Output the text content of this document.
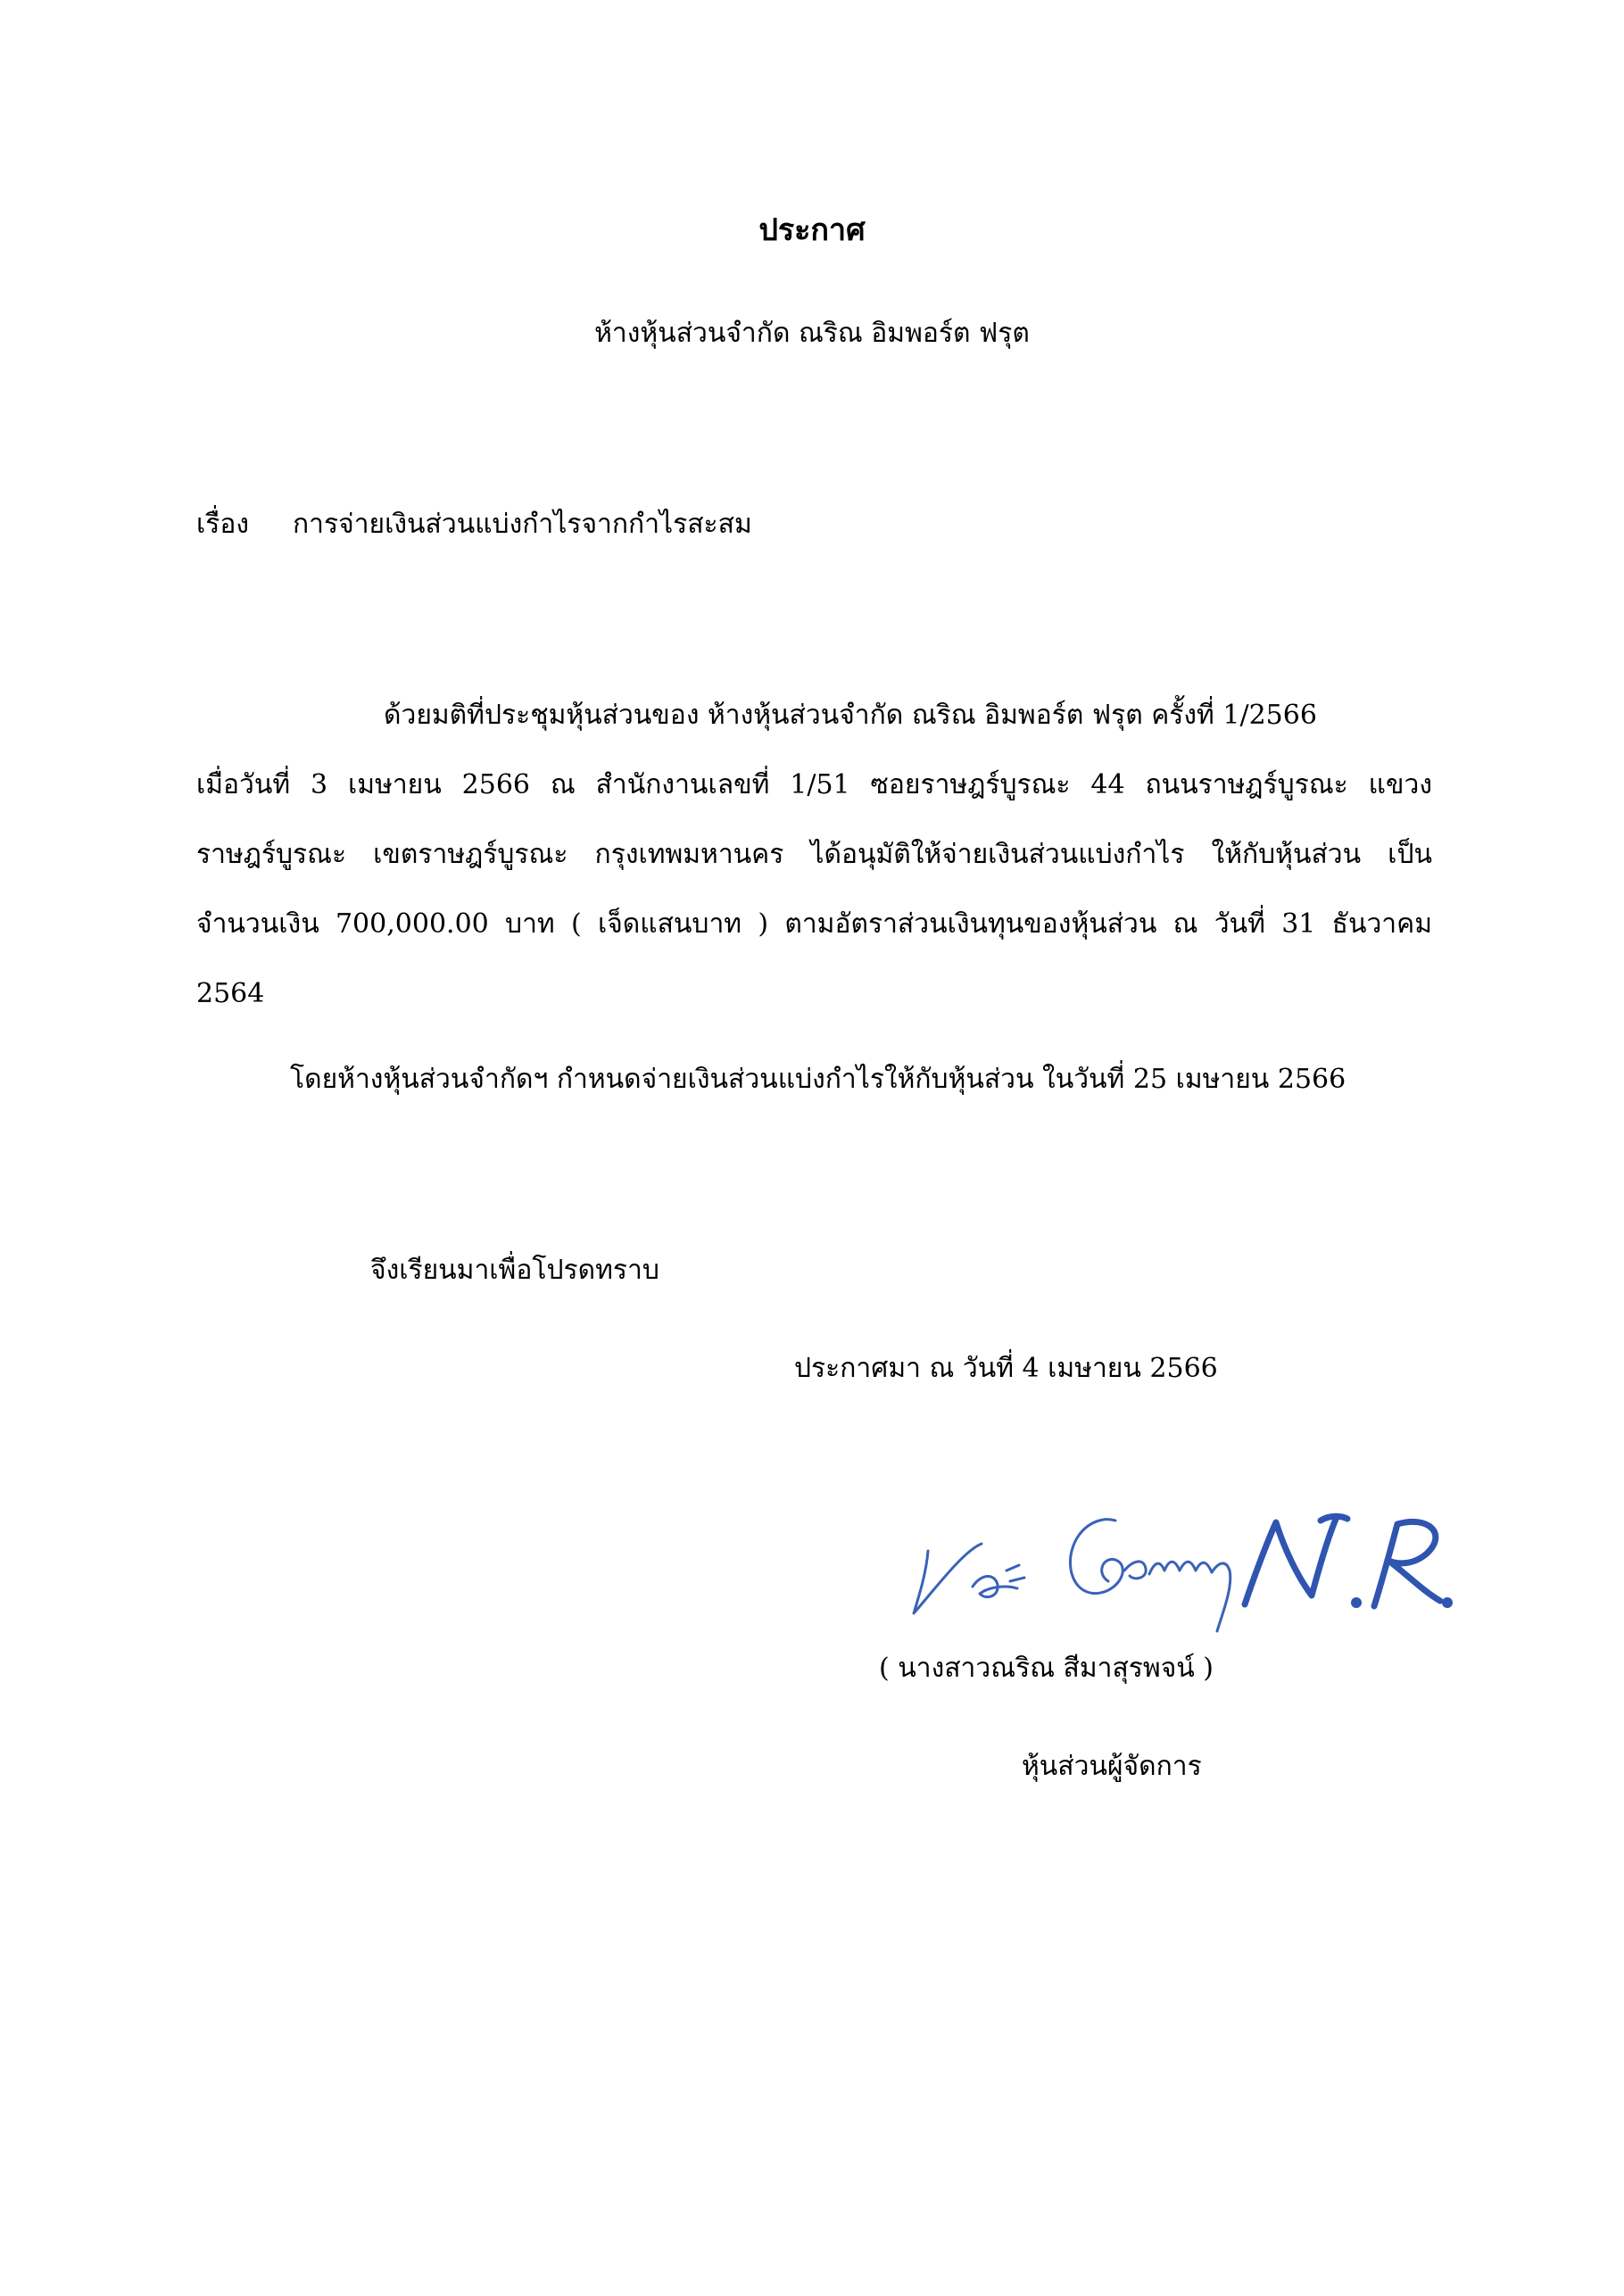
ประกาศ
ห้างหุ้นส่วนจำกัด ณริณ อิมพอร์ต ฟรุต
เรื่อง การจ่ายเงินส่วนแบ่งกำไรจากกำไรสะสม
ด้วยมติที่ประชุมหุ้นส่วนของ ห้างหุ้นส่วนจำกัด ณริณ อิมพอร์ต ฟรุต ครั้งที่ 1/2566
เมื่อวันที่ 3 เมษายน 2566 ณ สำนักงานเลขที่ 1/51 ซอยราษฎร์บูรณะ 44 ถนนราษฎร์บูรณะ แขวง
ราษฎร์บูรณะ เขตราษฎร์บูรณะ กรุงเทพมหานคร ได้อนุมัติให้จ่ายเงินส่วนแบ่งกำไร ให้กับหุ้นส่วน เป็น
จำนวนเงิน 700,000.00 บาท ( เจ็ดแสนบาท ) ตามอัตราส่วนเงินทุนของหุ้นส่วน ณ วันที่ 31 ธันวาคม
2564
โดยห้างหุ้นส่วนจำกัดฯ กำหนดจ่ายเงินส่วนแบ่งกำไรให้กับหุ้นส่วน ในวันที่ 25 เมษายน 2566
จึงเรียนมาเพื่อโปรดทราบ
ประกาศมา ณ วันที่ 4 เมษายน 2566
( นางสาวณริณ สีมาสุรพจน์ )
หุ้นส่วนผู้จัดการ
